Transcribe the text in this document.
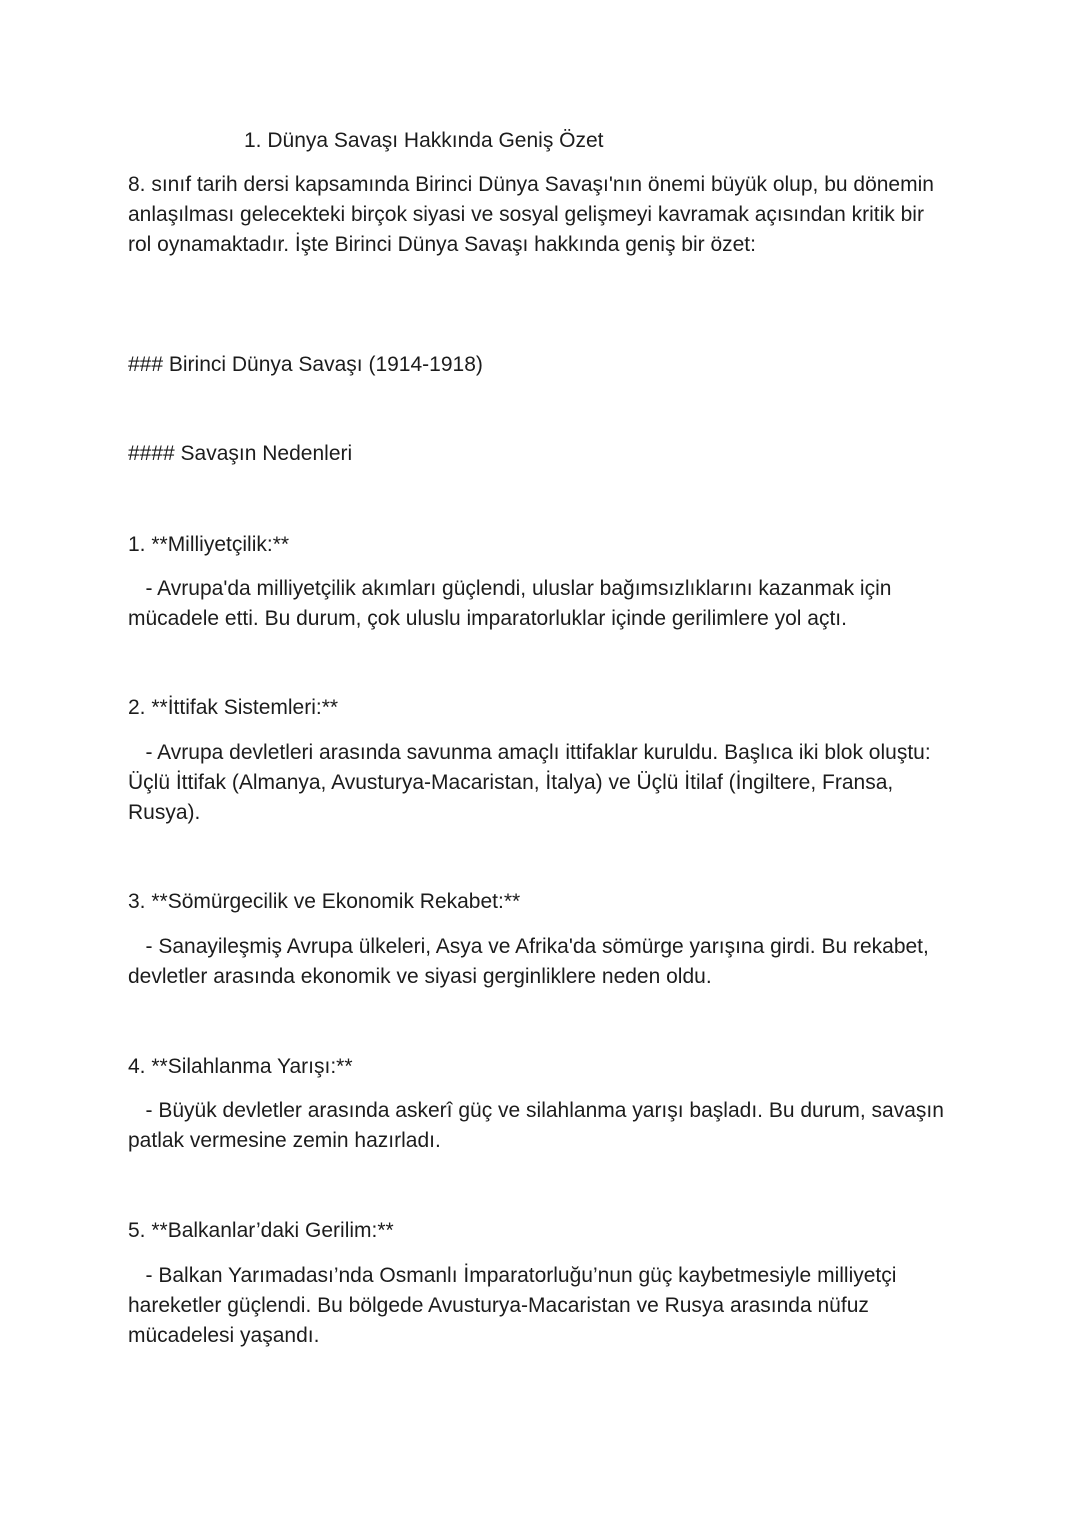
1. Dünya Savaşı Hakkında Geniş Özet
8. sınıf tarih dersi kapsamında Birinci Dünya Savaşı'nın önemi büyük olup, bu dönemin anlaşılması gelecekteki birçok siyasi ve sosyal gelişmeyi kavramak açısından kritik bir rol oynamaktadır. İşte Birinci Dünya Savaşı hakkında geniş bir özet:
### Birinci Dünya Savaşı (1914-1918)
#### Savaşın Nedenleri
1. **Milliyetçilik:**
- Avrupa'da milliyetçilik akımları güçlendi, uluslar bağımsızlıklarını kazanmak için mücadele etti. Bu durum, çok uluslu imparatorluklar içinde gerilimlere yol açtı.
2. **İttifak Sistemleri:**
- Avrupa devletleri arasında savunma amaçlı ittifaklar kuruldu. Başlıca iki blok oluştu: Üçlü İttifak (Almanya, Avusturya-Macaristan, İtalya) ve Üçlü İtilaf (İngiltere, Fransa, Rusya).
3. **Sömürgecilik ve Ekonomik Rekabet:**
- Sanayileşmiş Avrupa ülkeleri, Asya ve Afrika'da sömürge yarışına girdi. Bu rekabet, devletler arasında ekonomik ve siyasi gerginliklere neden oldu.
4. **Silahlanma Yarışı:**
- Büyük devletler arasında askerî güç ve silahlanma yarışı başladı. Bu durum, savaşın patlak vermesine zemin hazırladı.
5. **Balkanlar’daki Gerilim:**
- Balkan Yarımadası’nda Osmanlı İmparatorluğu’nun güç kaybetmesiyle milliyetçi hareketler güçlendi. Bu bölgede Avusturya-Macaristan ve Rusya arasında nüfuz mücadelesi yaşandı.
